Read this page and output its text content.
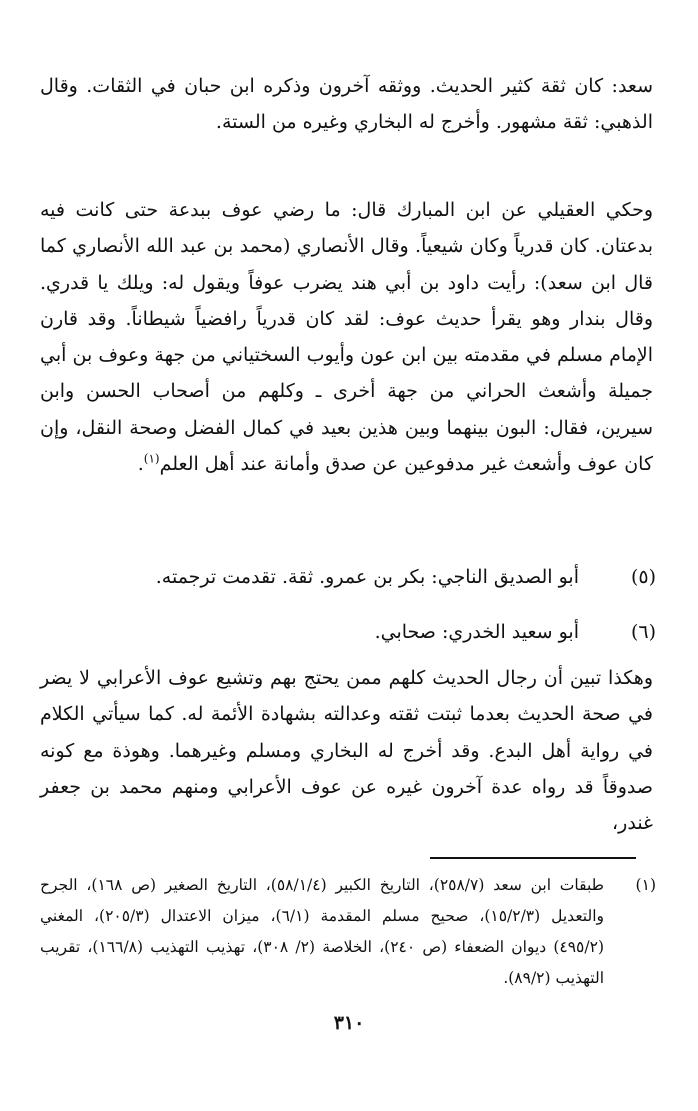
سعد: كان ثقة كثير الحديث. ووثقه آخرون وذكره ابن حبان في الثقات. وقال الذهبي: ثقة مشهور. وأخرج له البخاري وغيره من الستة.

وحكي العقيلي عن ابن المبارك قال: ما رضي عوف ببدعة حتى كانت فيه بدعتان. كان قدرياً وكان شيعياً. وقال الأنصاري (محمد بن عبد الله الأنصاري كما قال ابن سعد): رأيت داود بن أبي هند يضرب عوفاً ويقول له: ويلك يا قدري. وقال بندار وهو يقرأ حديث عوف: لقد كان قدرياً رافضياً شيطاناً. وقد قارن الإمام مسلم في مقدمته بين ابن عون وأيوب السختياني من جهة وعوف بن أبي جميلة وأشعث الحراني من جهة أخرى ـ وكلهم من أصحاب الحسن وابن سيرين، فقال: البون بينهما وبين هذين بعيد في كمال الفضل وصحة النقل، وإن كان عوف وأشعث غير مدفوعين عن صدق وأمانة عند أهل العلم$^{(١)}$.

(٥)
أبو الصديق الناجي: بكر بن عمرو. ثقة. تقدمت ترجمته.
(٦)
أبو سعيد الخدري: صحابي.

وهكذا تبين أن رجال الحديث كلهم ممن يحتج بهم وتشيع عوف الأعرابي لا يضر في صحة الحديث بعدما ثبتت ثقته وعدالته بشهادة الأئمة له. كما سيأتي الكلام في رواية أهل البدع. وقد أخرج له البخاري ومسلم وغيرهما. وهوذة مع كونه صدوقاً قد رواه عدة آخرون غيره عن عوف الأعرابي ومنهم محمد بن جعفر غندر،

(١)
طبقات ابن سعد (٢٥٨/٧)، التاريخ الكبير (٥٨/١/٤)، التاريخ الصغير (ص ١٦٨)، الجرح والتعديل (١٥/٢/٣)، صحيح مسلم المقدمة (٦/١)، ميزان الاعتدال (٢٠٥/٣)، المغني (٤٩٥/٢) ديوان الضعفاء (ص ٢٤٠)، الخلاصة (٢/ ٣٠٨)، تهذيب التهذيب (١٦٦/٨)، تقريب التهذيب (٨٩/٢).
٣١٠
